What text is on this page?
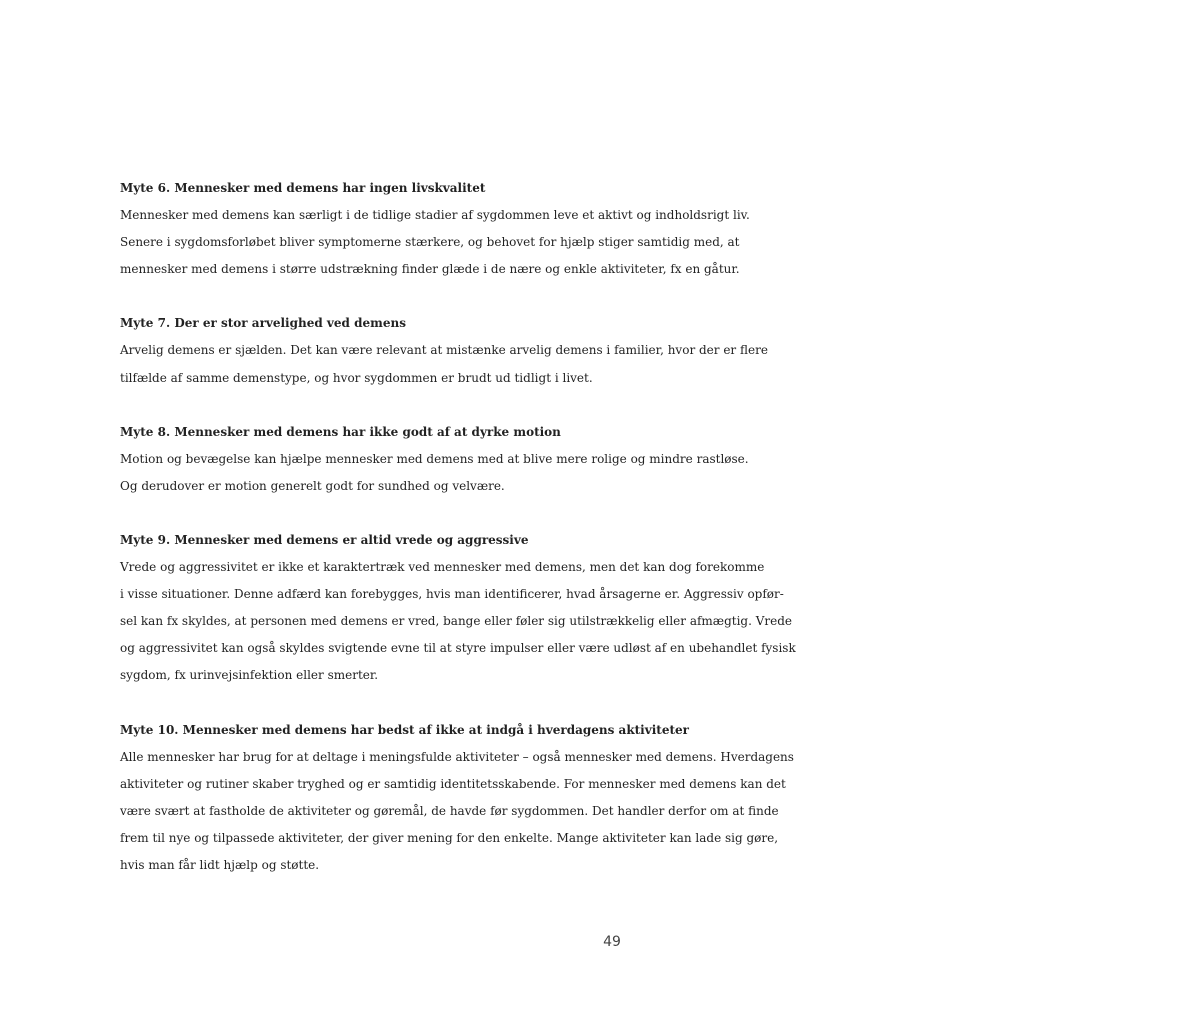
Myte 6. Mennesker med demens har ingen livskvalitet
Mennesker med demens kan særligt i de tidlige stadier af sygdommen leve et aktivt og indholdsrigt liv.
Senere i sygdomsforløbet bliver symptomerne stærkere, og behovet for hjælp stiger samtidig med, at
mennesker med demens i større udstrækning finder glæde i de nære og enkle aktiviteter, fx en gåtur.
Myte 7. Der er stor arvelighed ved demens
Arvelig demens er sjælden. Det kan være relevant at mistænke arvelig demens i familier, hvor der er flere
tilfælde af samme demenstype, og hvor sygdommen er brudt ud tidligt i livet.
Myte 8. Mennesker med demens har ikke godt af at dyrke motion
Motion og bevægelse kan hjælpe mennesker med demens med at blive mere rolige og mindre rastløse.
Og derudover er motion generelt godt for sundhed og velvære.
Myte 9. Mennesker med demens er altid vrede og aggressive
Vrede og aggressivitet er ikke et karaktertræk ved mennesker med demens, men det kan dog forekomme
i visse situationer. Denne adfærd kan forebygges, hvis man identificerer, hvad årsagerne er. Aggressiv opfør-
sel kan fx skyldes, at personen med demens er vred, bange eller føler sig utilstrækkelig eller afmægtig. Vrede
og aggressivitet kan også skyldes svigtende evne til at styre impulser eller være udløst af en ubehandlet fysisk
sygdom, fx urinvejsinfektion eller smerter.
Myte 10. Mennesker med demens har bedst af ikke at indgå i hverdagens aktiviteter
Alle mennesker har brug for at deltage i meningsfulde aktiviteter – også mennesker med demens. Hverdagens
aktiviteter og rutiner skaber tryghed og er samtidig identitetsskabende. For mennesker med demens kan det
være svært at fastholde de aktiviteter og gøremål, de havde før sygdommen. Det handler derfor om at finde
frem til nye og tilpassede aktiviteter, der giver mening for den enkelte. Mange aktiviteter kan lade sig gøre,
hvis man får lidt hjælp og støtte.
49
